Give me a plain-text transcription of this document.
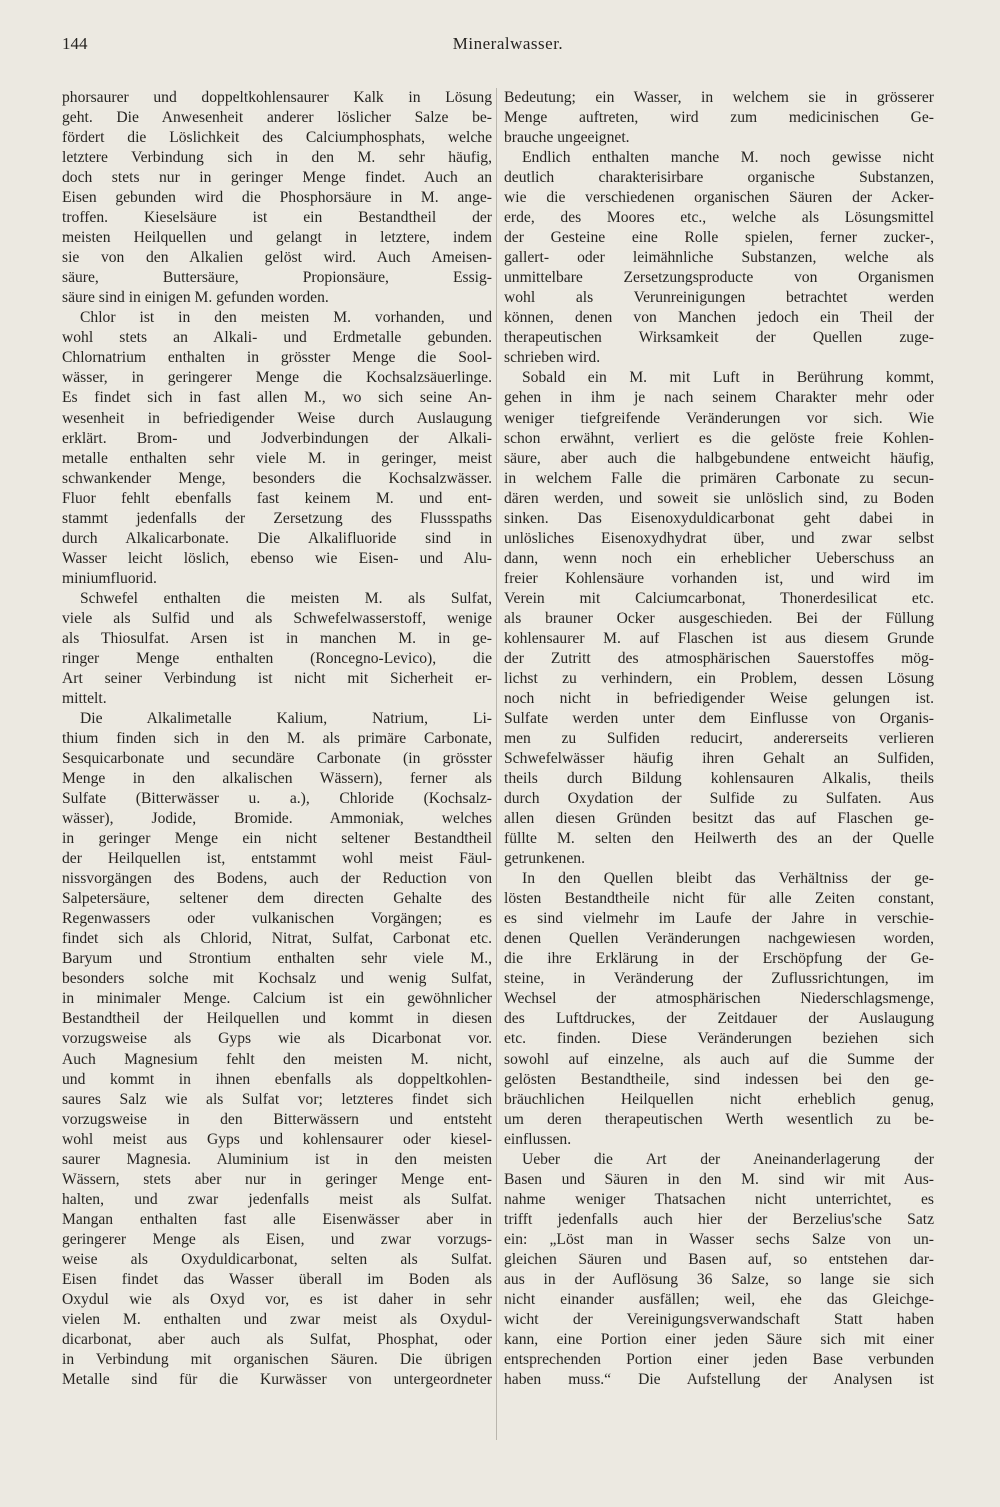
144	Mineralwasser.
phorsaurer und doppeltkohlensaurer Kalk in Lösung
geht. Die Anwesenheit anderer löslicher Salze be-
fördert die Löslichkeit des Calciumphosphats, welche
letztere Verbindung sich in den M. sehr häufig,
doch stets nur in geringer Menge findet. Auch an
Eisen gebunden wird die Phosphorsäure in M. ange-
troffen. Kieselsäure ist ein Bestandtheil der
meisten Heilquellen und gelangt in letztere, indem
sie von den Alkalien gelöst wird. Auch Ameisen-
säure, Buttersäure, Propionsäure, Essig-
säure sind in einigen M. gefunden worden.
Chlor ist in den meisten M. vorhanden, und
wohl stets an Alkali- und Erdmetalle gebunden.
Chlornatrium enthalten in grösster Menge die Sool-
wässer, in geringerer Menge die Kochsalzsäuerlinge.
Es findet sich in fast allen M., wo sich seine An-
wesenheit in befriedigender Weise durch Auslaugung
erklärt. Brom- und Jodverbindungen der Alkali-
metalle enthalten sehr viele M. in geringer, meist
schwankender Menge, besonders die Kochsalzwässer.
Fluor fehlt ebenfalls fast keinem M. und ent-
stammt jedenfalls der Zersetzung des Flussspaths
durch Alkalicarbonate. Die Alkalifluoride sind in
Wasser leicht löslich, ebenso wie Eisen- und Alu-
miniumfluorid.
Schwefel enthalten die meisten M. als Sulfat,
viele als Sulfid und als Schwefelwasserstoff, wenige
als Thiosulfat. Arsen ist in manchen M. in ge-
ringer Menge enthalten (Roncegno-Levico), die
Art seiner Verbindung ist nicht mit Sicherheit er-
mittelt.
Die Alkalimetalle Kalium, Natrium, Li-
thium finden sich in den M. als primäre Carbonate,
Sesquicarbonate und secundäre Carbonate (in grösster
Menge in den alkalischen Wässern), ferner als
Sulfate (Bitterwässer u. a.), Chloride (Kochsalz-
wässer), Jodide, Bromide. Ammoniak, welches
in geringer Menge ein nicht seltener Bestandtheil
der Heilquellen ist, entstammt wohl meist Fäul-
nissvorgängen des Bodens, auch der Reduction von
Salpetersäure, seltener dem directen Gehalte des
Regenwassers oder vulkanischen Vorgängen; es
findet sich als Chlorid, Nitrat, Sulfat, Carbonat etc.
Baryum und Strontium enthalten sehr viele M.,
besonders solche mit Kochsalz und wenig Sulfat,
in minimaler Menge. Calcium ist ein gewöhnlicher
Bestandtheil der Heilquellen und kommt in diesen
vorzugsweise als Gyps wie als Dicarbonat vor.
Auch Magnesium fehlt den meisten M. nicht,
und kommt in ihnen ebenfalls als doppeltkohlen-
saures Salz wie als Sulfat vor; letzteres findet sich
vorzugsweise in den Bitterwässern und entsteht
wohl meist aus Gyps und kohlensaurer oder kiesel-
saurer Magnesia. Aluminium ist in den meisten
Wässern, stets aber nur in geringer Menge ent-
halten, und zwar jedenfalls meist als Sulfat.
Mangan enthalten fast alle Eisenwässer aber in
geringerer Menge als Eisen, und zwar vorzugs-
weise als Oxyduldicarbonat, selten als Sulfat.
Eisen findet das Wasser überall im Boden als
Oxydul wie als Oxyd vor, es ist daher in sehr
vielen M. enthalten und zwar meist als Oxydul-
dicarbonat, aber auch als Sulfat, Phosphat, oder
in Verbindung mit organischen Säuren. Die übrigen
Metalle sind für die Kurwässer von untergeordneter
Bedeutung; ein Wasser, in welchem sie in grösserer
Menge auftreten, wird zum medicinischen Ge-
brauche ungeeignet.
Endlich enthalten manche M. noch gewisse nicht
deutlich charakterisirbare organische Substanzen,
wie die verschiedenen organischen Säuren der Acker-
erde, des Moores etc., welche als Lösungsmittel
der Gesteine eine Rolle spielen, ferner zucker-,
gallert- oder leimähnliche Substanzen, welche als
unmittelbare Zersetzungsproducte von Organismen
wohl als Verunreinigungen betrachtet werden
können, denen von Manchen jedoch ein Theil der
therapeutischen Wirksamkeit der Quellen zuge-
schrieben wird.
Sobald ein M. mit Luft in Berührung kommt,
gehen in ihm je nach seinem Charakter mehr oder
weniger tiefgreifende Veränderungen vor sich. Wie
schon erwähnt, verliert es die gelöste freie Kohlen-
säure, aber auch die halbgebundene entweicht häufig,
in welchem Falle die primären Carbonate zu secun-
dären werden, und soweit sie unlöslich sind, zu Boden
sinken. Das Eisenoxyduldicarbonat geht dabei in
unlösliches Eisenoxydhydrat über, und zwar selbst
dann, wenn noch ein erheblicher Ueberschuss an
freier Kohlensäure vorhanden ist, und wird im
Verein mit Calciumcarbonat, Thonerdesilicat etc.
als brauner Ocker ausgeschieden. Bei der Füllung
kohlensaurer M. auf Flaschen ist aus diesem Grunde
der Zutritt des atmosphärischen Sauerstoffes mög-
lichst zu verhindern, ein Problem, dessen Lösung
noch nicht in befriedigender Weise gelungen ist.
Sulfate werden unter dem Einflusse von Organis-
men zu Sulfiden reducirt, andererseits verlieren
Schwefelwässer häufig ihren Gehalt an Sulfiden,
theils durch Bildung kohlensauren Alkalis, theils
durch Oxydation der Sulfide zu Sulfaten. Aus
allen diesen Gründen besitzt das auf Flaschen ge-
füllte M. selten den Heilwerth des an der Quelle
getrunkenen.
In den Quellen bleibt das Verhältniss der ge-
lösten Bestandtheile nicht für alle Zeiten constant,
es sind vielmehr im Laufe der Jahre in verschie-
denen Quellen Veränderungen nachgewiesen worden,
die ihre Erklärung in der Erschöpfung der Ge-
steine, in Veränderung der Zuflussrichtungen, im
Wechsel der atmosphärischen Niederschlagsmenge,
des Luftdruckes, der Zeitdauer der Auslaugung
etc. finden. Diese Veränderungen beziehen sich
sowohl auf einzelne, als auch auf die Summe der
gelösten Bestandtheile, sind indessen bei den ge-
bräuchlichen Heilquellen nicht erheblich genug,
um deren therapeutischen Werth wesentlich zu be-
einflussen.
Ueber die Art der Aneinanderlagerung der
Basen und Säuren in den M. sind wir mit Aus-
nahme weniger Thatsachen nicht unterrichtet, es
trifft jedenfalls auch hier der Berzelius'sche Satz
ein: „Löst man in Wasser sechs Salze von un-
gleichen Säuren und Basen auf, so entstehen dar-
aus in der Auflösung 36 Salze, so lange sie sich
nicht einander ausfällen; weil, ehe das Gleichge-
wicht der Vereinigungsverwandschaft Statt haben
kann, eine Portion einer jeden Säure sich mit einer
entsprechenden Portion einer jeden Base verbunden
haben muss.“ Die Aufstellung der Analysen ist
